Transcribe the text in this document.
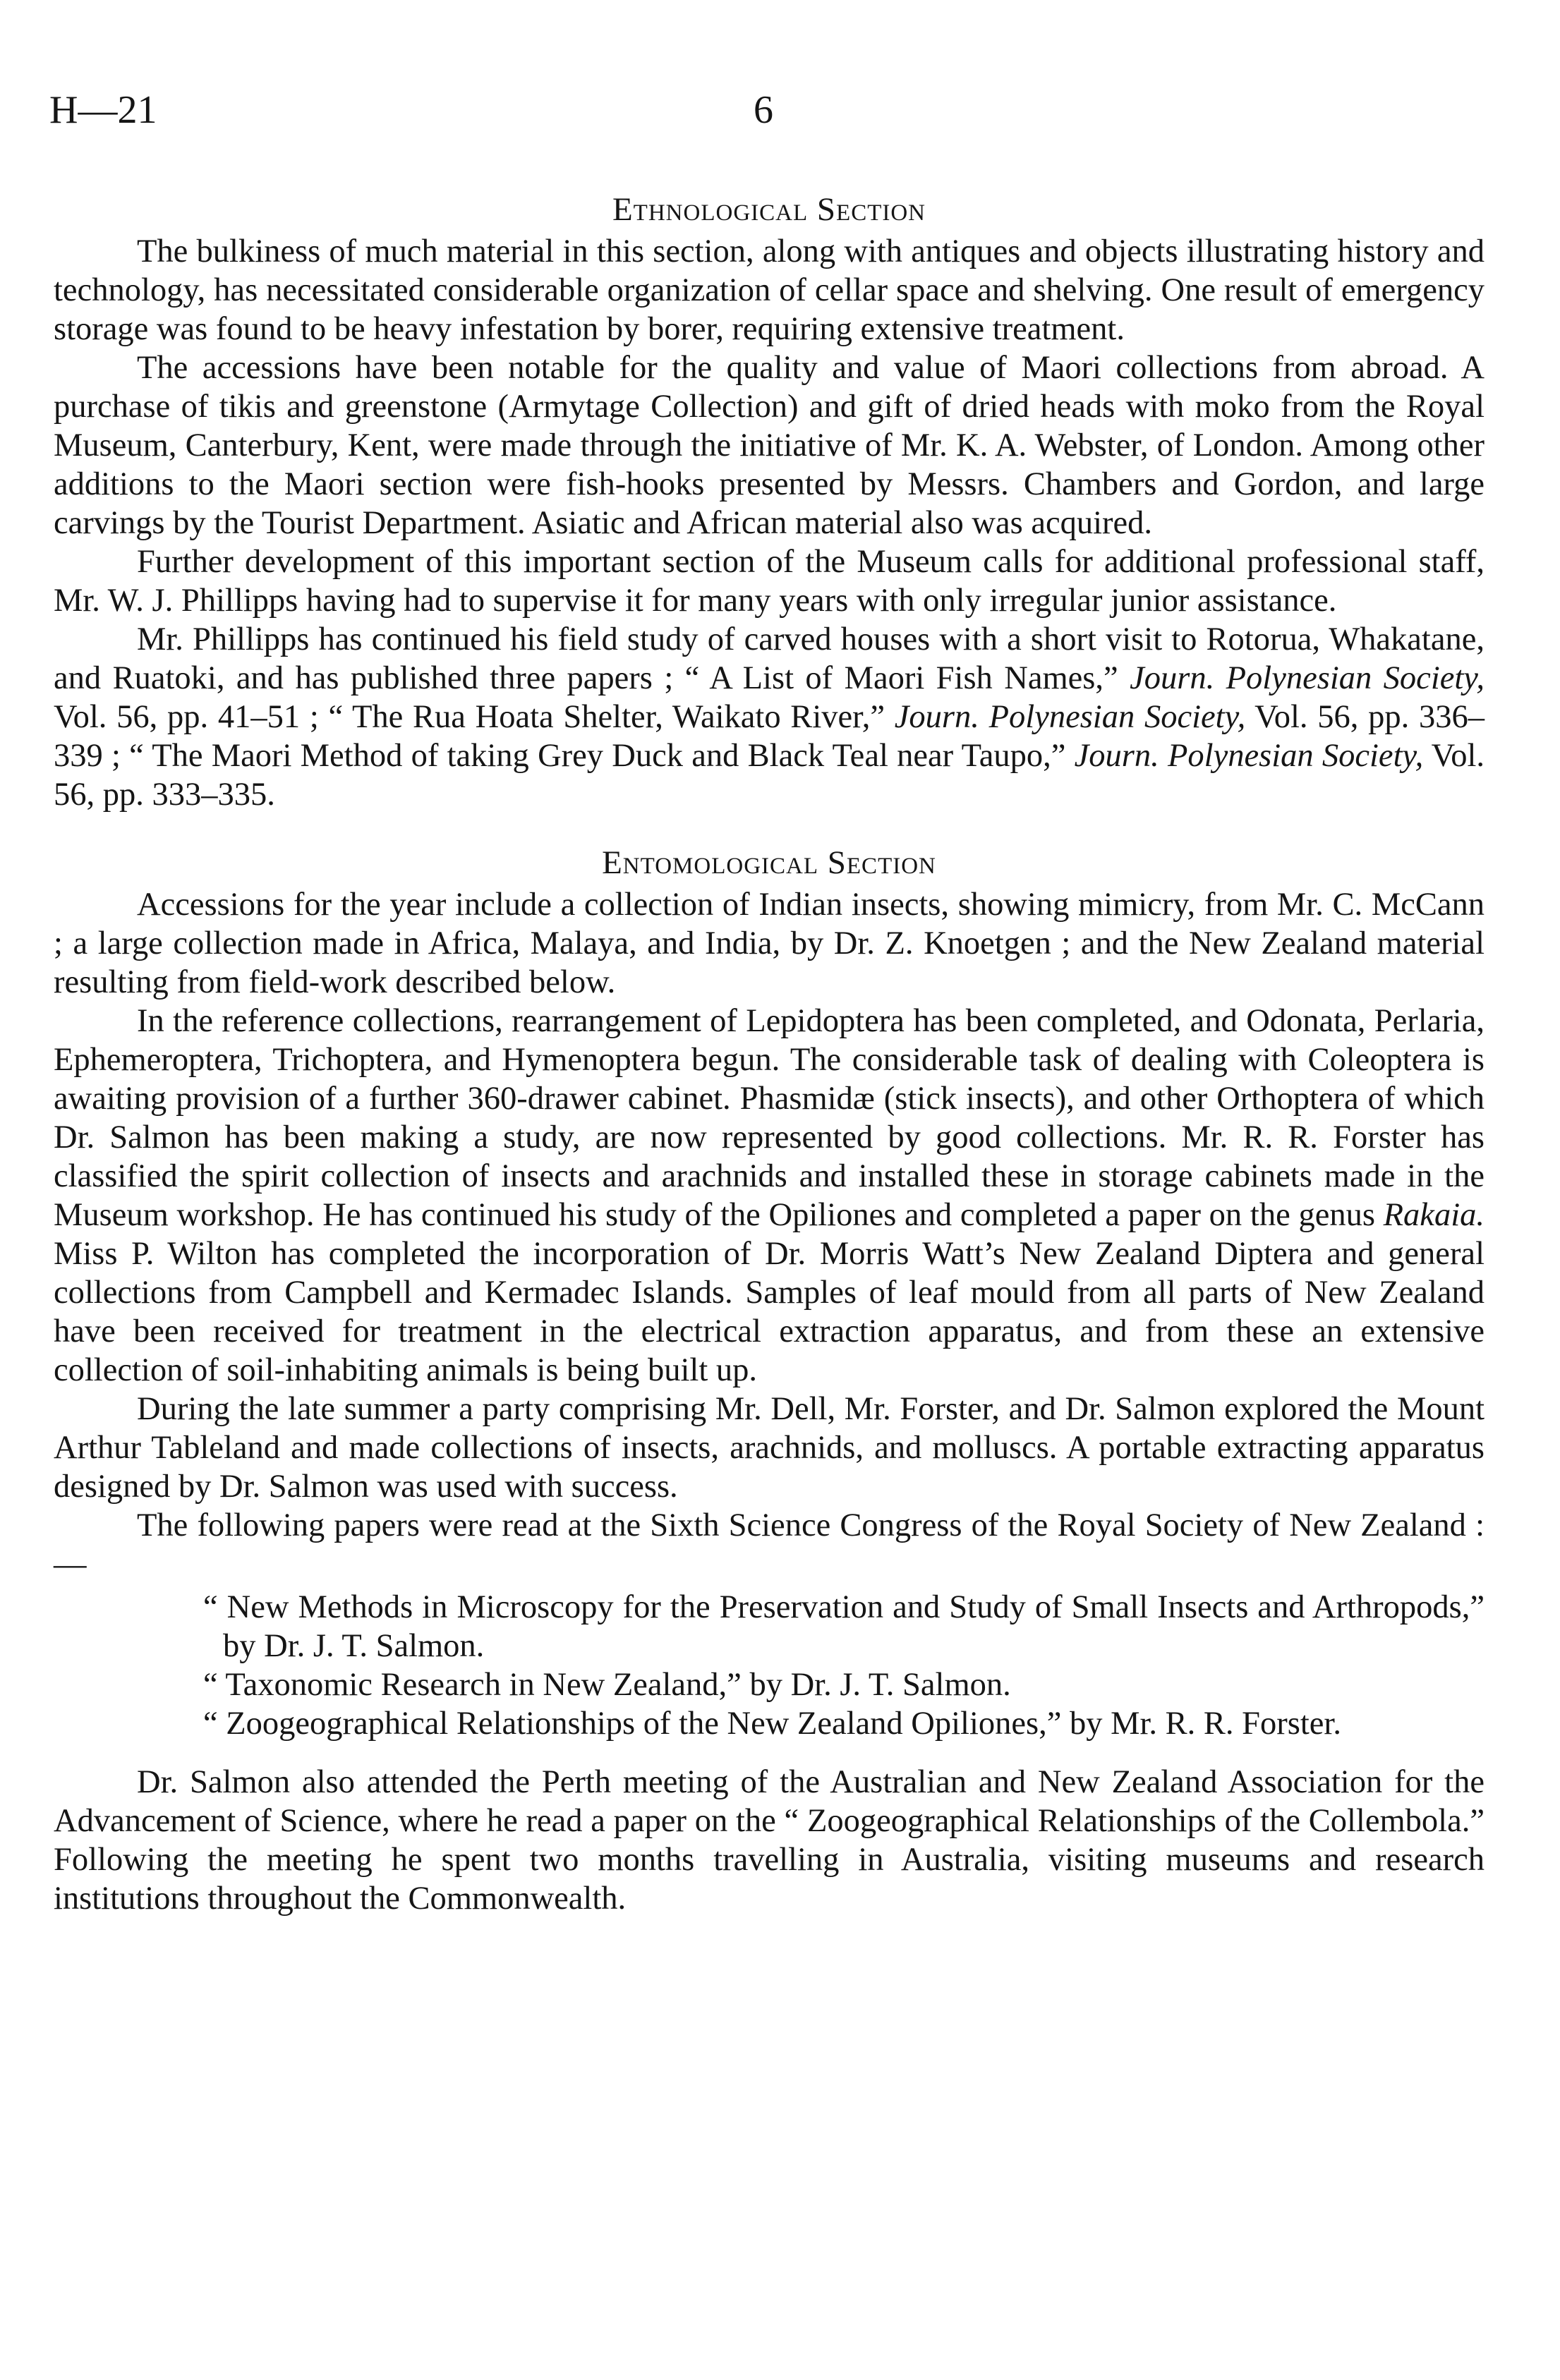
H—21	6
Ethnological Section

The bulkiness of much material in this section, along with antiques and objects illustrating history and technology, has necessitated considerable organization of cellar space and shelving. One result of emergency storage was found to be heavy infestation by borer, requiring extensive treatment.

The accessions have been notable for the quality and value of Maori collections from abroad. A purchase of tikis and greenstone (Armytage Collection) and gift of dried heads with moko from the Royal Museum, Canterbury, Kent, were made through the initiative of Mr. K. A. Webster, of London. Among other additions to the Maori section were fish-hooks presented by Messrs. Chambers and Gordon, and large carvings by the Tourist Department. Asiatic and African material also was acquired.

Further development of this important section of the Museum calls for additional professional staff, Mr. W. J. Phillipps having had to supervise it for many years with only irregular junior assistance.

Mr. Phillipps has continued his field study of carved houses with a short visit to Rotorua, Whakatane, and Ruatoki, and has published three papers ; “ A List of Maori Fish Names,” Journ. Polynesian Society, Vol. 56, pp. 41–51 ; “ The Rua Hoata Shelter, Waikato River,” Journ. Polynesian Society, Vol. 56, pp. 336–339 ; “ The Maori Method of taking Grey Duck and Black Teal near Taupo,” Journ. Polynesian Society, Vol. 56, pp. 333–335.

Entomological Section

Accessions for the year include a collection of Indian insects, showing mimicry, from Mr. C. McCann ; a large collection made in Africa, Malaya, and India, by Dr. Z. Knoetgen ; and the New Zealand material resulting from field-work described below.

In the reference collections, rearrangement of Lepidoptera has been completed, and Odonata, Perlaria, Ephemeroptera, Trichoptera, and Hymenoptera begun. The considerable task of dealing with Coleoptera is awaiting provision of a further 360-drawer cabinet. Phasmidæ (stick insects), and other Orthoptera of which Dr. Salmon has been making a study, are now represented by good collections. Mr. R. R. Forster has classified the spirit collection of insects and arachnids and installed these in storage cabinets made in the Museum workshop. He has continued his study of the Opiliones and completed a paper on the genus Rakaia. Miss P. Wilton has completed the incorporation of Dr. Morris Watt’s New Zealand Diptera and general collections from Campbell and Kermadec Islands. Samples of leaf mould from all parts of New Zealand have been received for treatment in the electrical extraction apparatus, and from these an extensive collection of soil-inhabiting animals is being built up.

During the late summer a party comprising Mr. Dell, Mr. Forster, and Dr. Salmon explored the Mount Arthur Tableland and made collections of insects, arachnids, and molluscs. A portable extracting apparatus designed by Dr. Salmon was used with success.

The following papers were read at the Sixth Science Congress of the Royal Society of New Zealand :—

“ New Methods in Microscopy for the Preservation and Study of Small Insects and Arthropods,” by Dr. J. T. Salmon.
“ Taxonomic Research in New Zealand,” by Dr. J. T. Salmon.
“ Zoogeographical Relationships of the New Zealand Opiliones,” by Mr. R. R. Forster.

Dr. Salmon also attended the Perth meeting of the Australian and New Zealand Association for the Advancement of Science, where he read a paper on the “ Zoogeographical Relationships of the Collembola.” Following the meeting he spent two months travelling in Australia, visiting museums and research institutions throughout the Commonwealth.
